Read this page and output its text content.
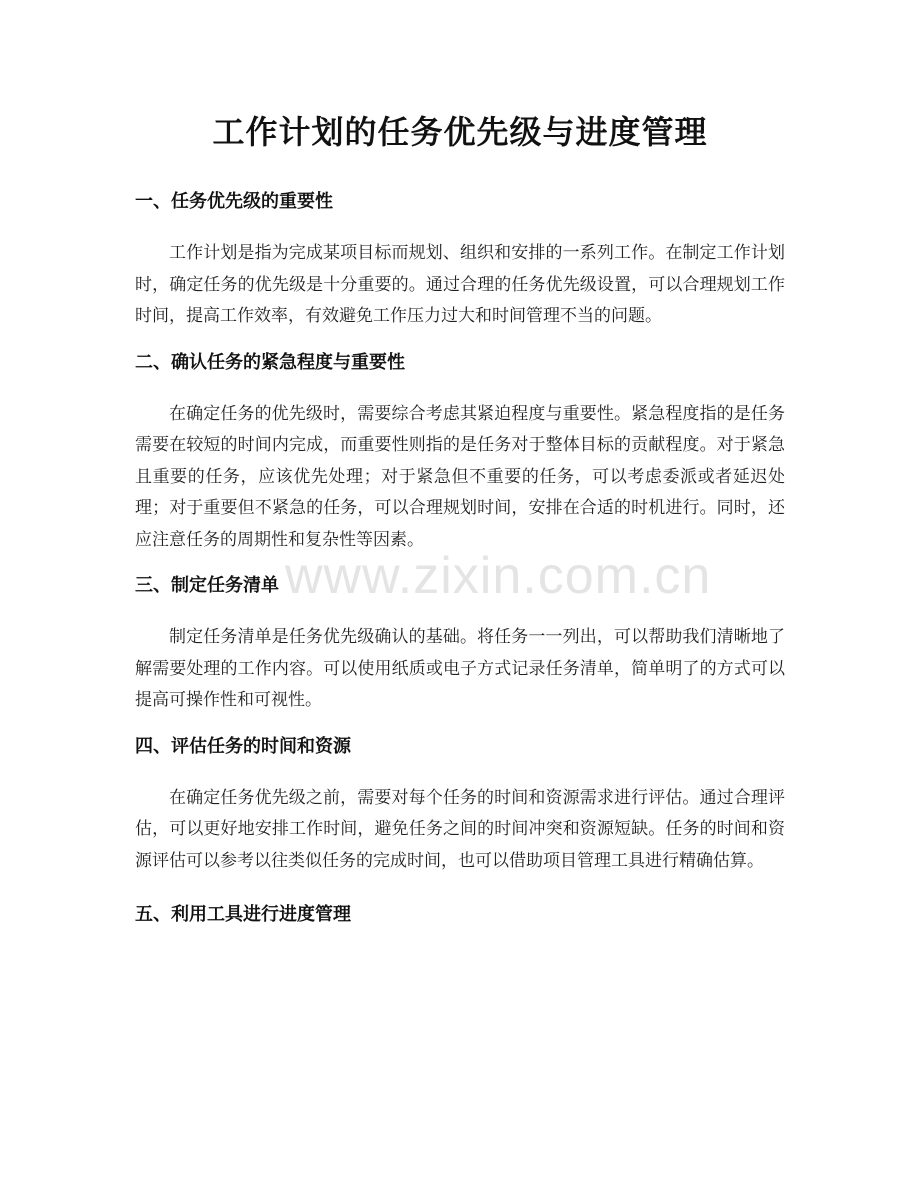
工作计划的任务优先级与进度管理
一、任务优先级的重要性

工作计划是指为完成某项目标而规划、组织和安排的一系列工作。在制定工作计划时，确定任务的优先级是十分重要的。通过合理的任务优先级设置，可以合理规划工作时间，提高工作效率，有效避免工作压力过大和时间管理不当的问题。

二、确认任务的紧急程度与重要性

在确定任务的优先级时，需要综合考虑其紧迫程度与重要性。紧急程度指的是任务需要在较短的时间内完成，而重要性则指的是任务对于整体目标的贡献程度。对于紧急且重要的任务，应该优先处理；对于紧急但不重要的任务，可以考虑委派或者延迟处理；对于重要但不紧急的任务，可以合理规划时间，安排在合适的时机进行。同时，还应注意任务的周期性和复杂性等因素。

三、制定任务清单

制定任务清单是任务优先级确认的基础。将任务一一列出，可以帮助我们清晰地了解需要处理的工作内容。可以使用纸质或电子方式记录任务清单，简单明了的方式可以提高可操作性和可视性。

四、评估任务的时间和资源

在确定任务优先级之前，需要对每个任务的时间和资源需求进行评估。通过合理评估，可以更好地安排工作时间，避免任务之间的时间冲突和资源短缺。任务的时间和资源评估可以参考以往类似任务的完成时间，也可以借助项目管理工具进行精确估算。

五、利用工具进行进度管理
www.zixin.com.cn
